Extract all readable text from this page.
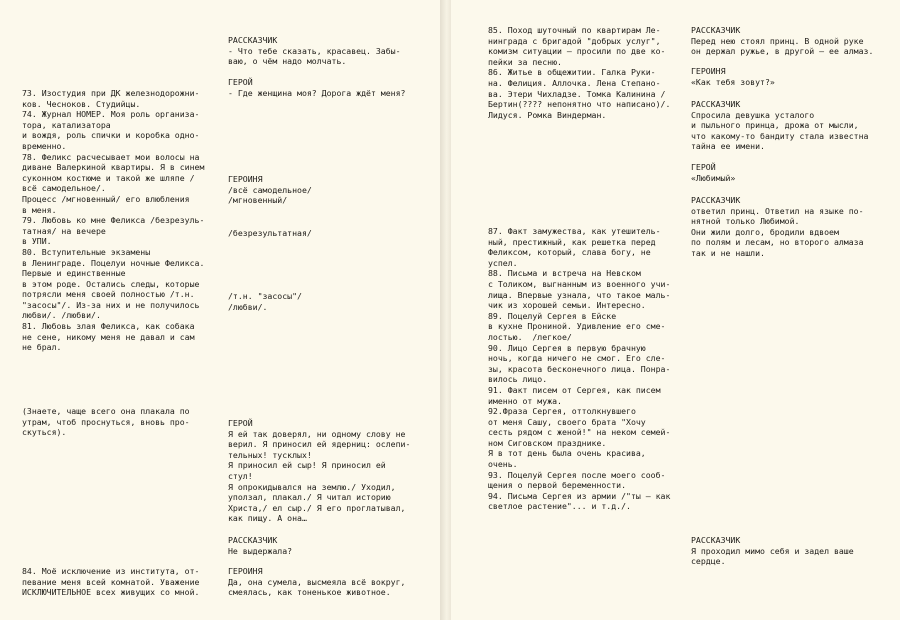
73. Изостудия при ДК железнодорожни-
ков. Чесноков. Студийцы.
74. Журнал НОМЕР. Моя роль организа-
тора, катализатора
и вождя, роль спички и коробка одно-
временно.
78. Феликс расчесывает мои волосы на
диване Валеркиной квартиры. Я в синем
суконном костюме и такой же шляпе /
всё самодельное/.
Процесс /мгновенный/ его влюбления
в меня.
79. Любовь ко мне Феликса /безрезуль-
татная/ на вечере
в УПИ.
80. Вступительные экзамены
в Ленинграде. Поцелуи ночные Феликса.
Первые и единственные
в этом роде. Остались следы, которые
потрясли меня своей полностью /т.н.
"засосы"/. Из-за них и не получилось
любви/. /любви/.
81. Любовь злая Феликса, как собака
не сене, никому меня не давал и сам
не брал.
(Знаете, чаще всего она плакала по
утрам, чтоб проснуться, вновь про-
скуться).
84. Моё исключение из института, от-
певание меня всей комнатой. Уважение
ИСКЛЮЧИТЕЛЬНОЕ всех живущих со мной.
РАССКАЗЧИК
- Что тебе сказать, красавец. Забы-
ваю, о чём надо молчать.
ГЕРОЙ
- Где женщина моя? Дорога ждёт меня?
ГЕРОИНЯ
/всё самодельное/
/мгновенный/
/безрезультатная/
/т.н. "засосы"/
/любви/.
ГЕРОЙ
Я ей так доверял, ни одному слову не
верил. Я приносил ей ядерниц: ослепи-
тельных! тусклых!
Я приносил ей сыр! Я приносил ей
стул!
Я опрокидывался на землю./ Уходил,
уползал, плакал./ Я читал историю
Христа,/ ел сыр./ Я его проглатывал,
как пищу. А она…
РАССКАЗЧИК
Не выдержала?
ГЕРОИНЯ
Да, она сумела, высмеяла всё вокруг,
смеялась, как тоненькое животное.
85. Поход шуточный по квартирам Ле-
нинграда с бригадой "добрых услуг",
комизм ситуации — просили по две ко-
пейки за песню.
86. Житье в общежитии. Галка Руки-
на. Фелиция. Аллочка. Лена Степано-
ва. Этери Чихладзе. Томка Калинина /
Бертин(???? непонятно что написано)/.
Лидуся. Ромка Виндерман.
87. Факт замужества, как утешитель-
ный, престижный, как решетка перед
Феликсом, который, слава богу, не
успел.
88. Письма и встреча на Невском
с Толиком, выгнанным из военного учи-
лища. Впервые узнала, что такое маль-
чик из хорошей семьи. Интересно.
89. Поцелуй Сергея в Ейске
в кухне Прониной. Удивление его сме-
лостью.  /легкое/
90. Лицо Сергея в первую брачную
ночь, когда ничего не смог. Его сле-
зы, красота бесконечного лица. Понра-
вилось лицо.
91. Факт писем от Сергея, как писем
именно от мужа.
92.Фраза Сергея, оттолкнувшего
от меня Сашу, своего брата "Хочу
сесть рядом с женой!" на неком семей-
ном Сиговском празднике.
Я в тот день была очень красива,
очень.
93. Поцелуй Сергея после моего сооб-
щения о первой беременности.
94. Письма Сергея из армии /"ты — как
светлое растение"... и т.д./.
РАССКАЗЧИК
Перед нею стоял принц. В одной руке
он держал ружье, в другой — ее алмаз.
ГЕРОИНЯ
«Как тебя зовут?»
РАССКАЗЧИК
Спросила девушка усталого
и пыльного принца, дрожа от мысли,
что какому-то бандиту стала известна
тайна ее имени.
ГЕРОЙ
«Любимый»
РАССКАЗЧИК
ответил принц. Ответил на языке по-
нятной только Любимой.
Они жили долго, бродили вдвоем
по полям и лесам, но второго алмаза
так и не нашли.
РАССКАЗЧИК
Я проходил мимо себя и задел ваше
сердце.
